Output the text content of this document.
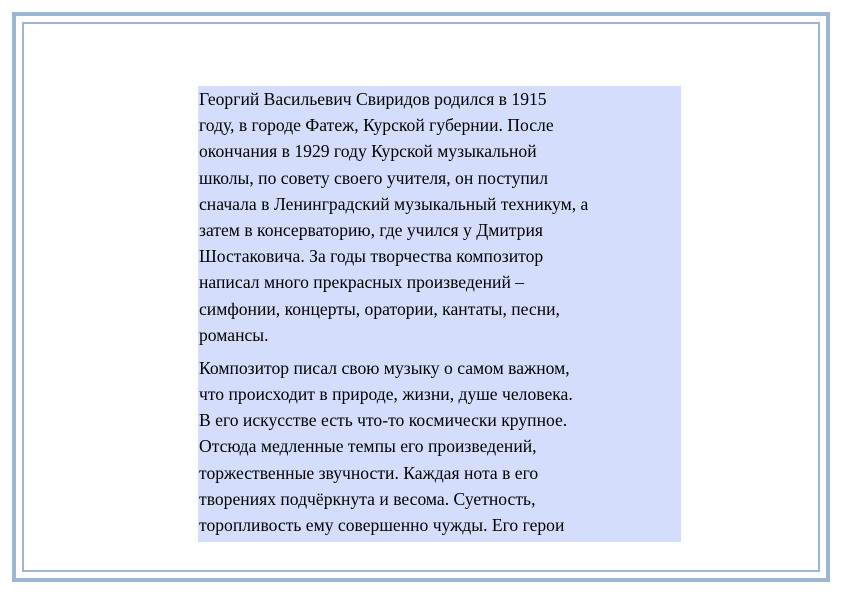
Георгий Васильевич Свиридов родился в 1915
году, в городе Фатеж, Курской губернии. После
окончания в 1929 году Курской музыкальной
школы, по совету своего учителя, он поступил
сначала в Ленинградский музыкальный техникум, а
затем в консерваторию, где учился у Дмитрия
Шостаковича. За годы творчества композитор
написал много прекрасных произведений –
симфонии, концерты, оратории, кантаты, песни,
романсы.

Композитор писал свою музыку о самом важном,
что происходит в природе, жизни, душе человека.
В его искусстве есть что-то космически крупное.
Отсюда медленные темпы его произведений,
торжественные звучности. Каждая нота в его
творениях подчёркнута и весома. Суетность,
торопливость ему совершенно чужды. Его герои
